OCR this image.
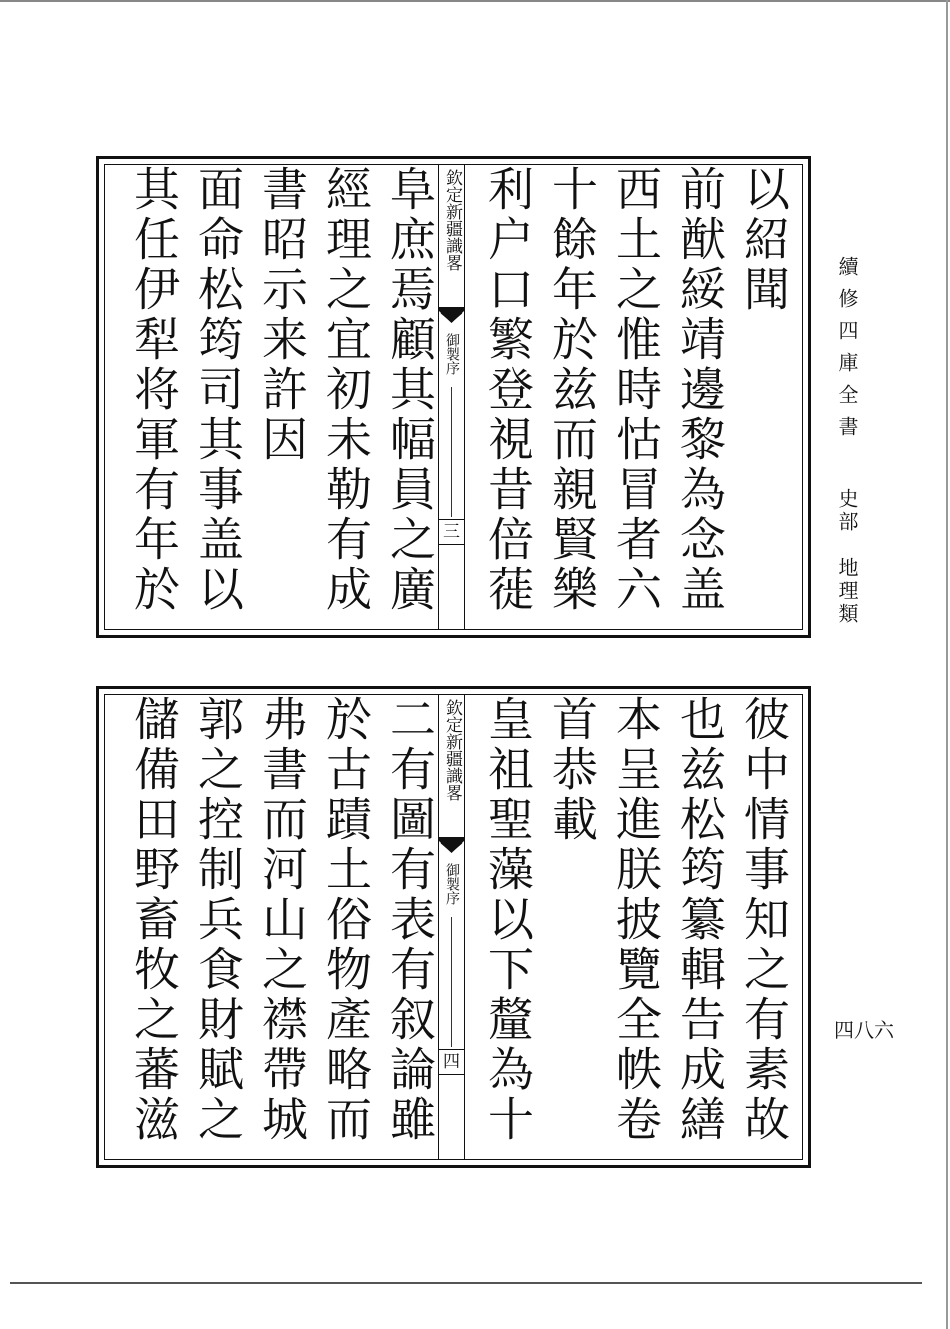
以紹聞
前猷綏靖邊黎為念盖
西土之惟時怙冒者六
十餘年於兹而親賢樂
利户口繁登視昔倍蓰
欽定新疆識畧
御製序
三
阜庶焉顧其幅員之廣
經理之宜初未勒有成
書昭示来許因
面命松筠司其事盖以
其任伊犁将軍有年於
彼中情事知之有素故
也兹松筠纂輯告成繕
本呈進朕披覽全帙卷
首恭載
皇祖聖藻以下釐為十
欽定新疆識畧
御製序
四
二有圖有表有叙論雖
於古蹟土俗物產略而
弗書而河山之襟帶城
郭之控制兵食財賦之
儲備田野畜牧之蕃滋
續修四庫全書
史部　地理類
四八六
